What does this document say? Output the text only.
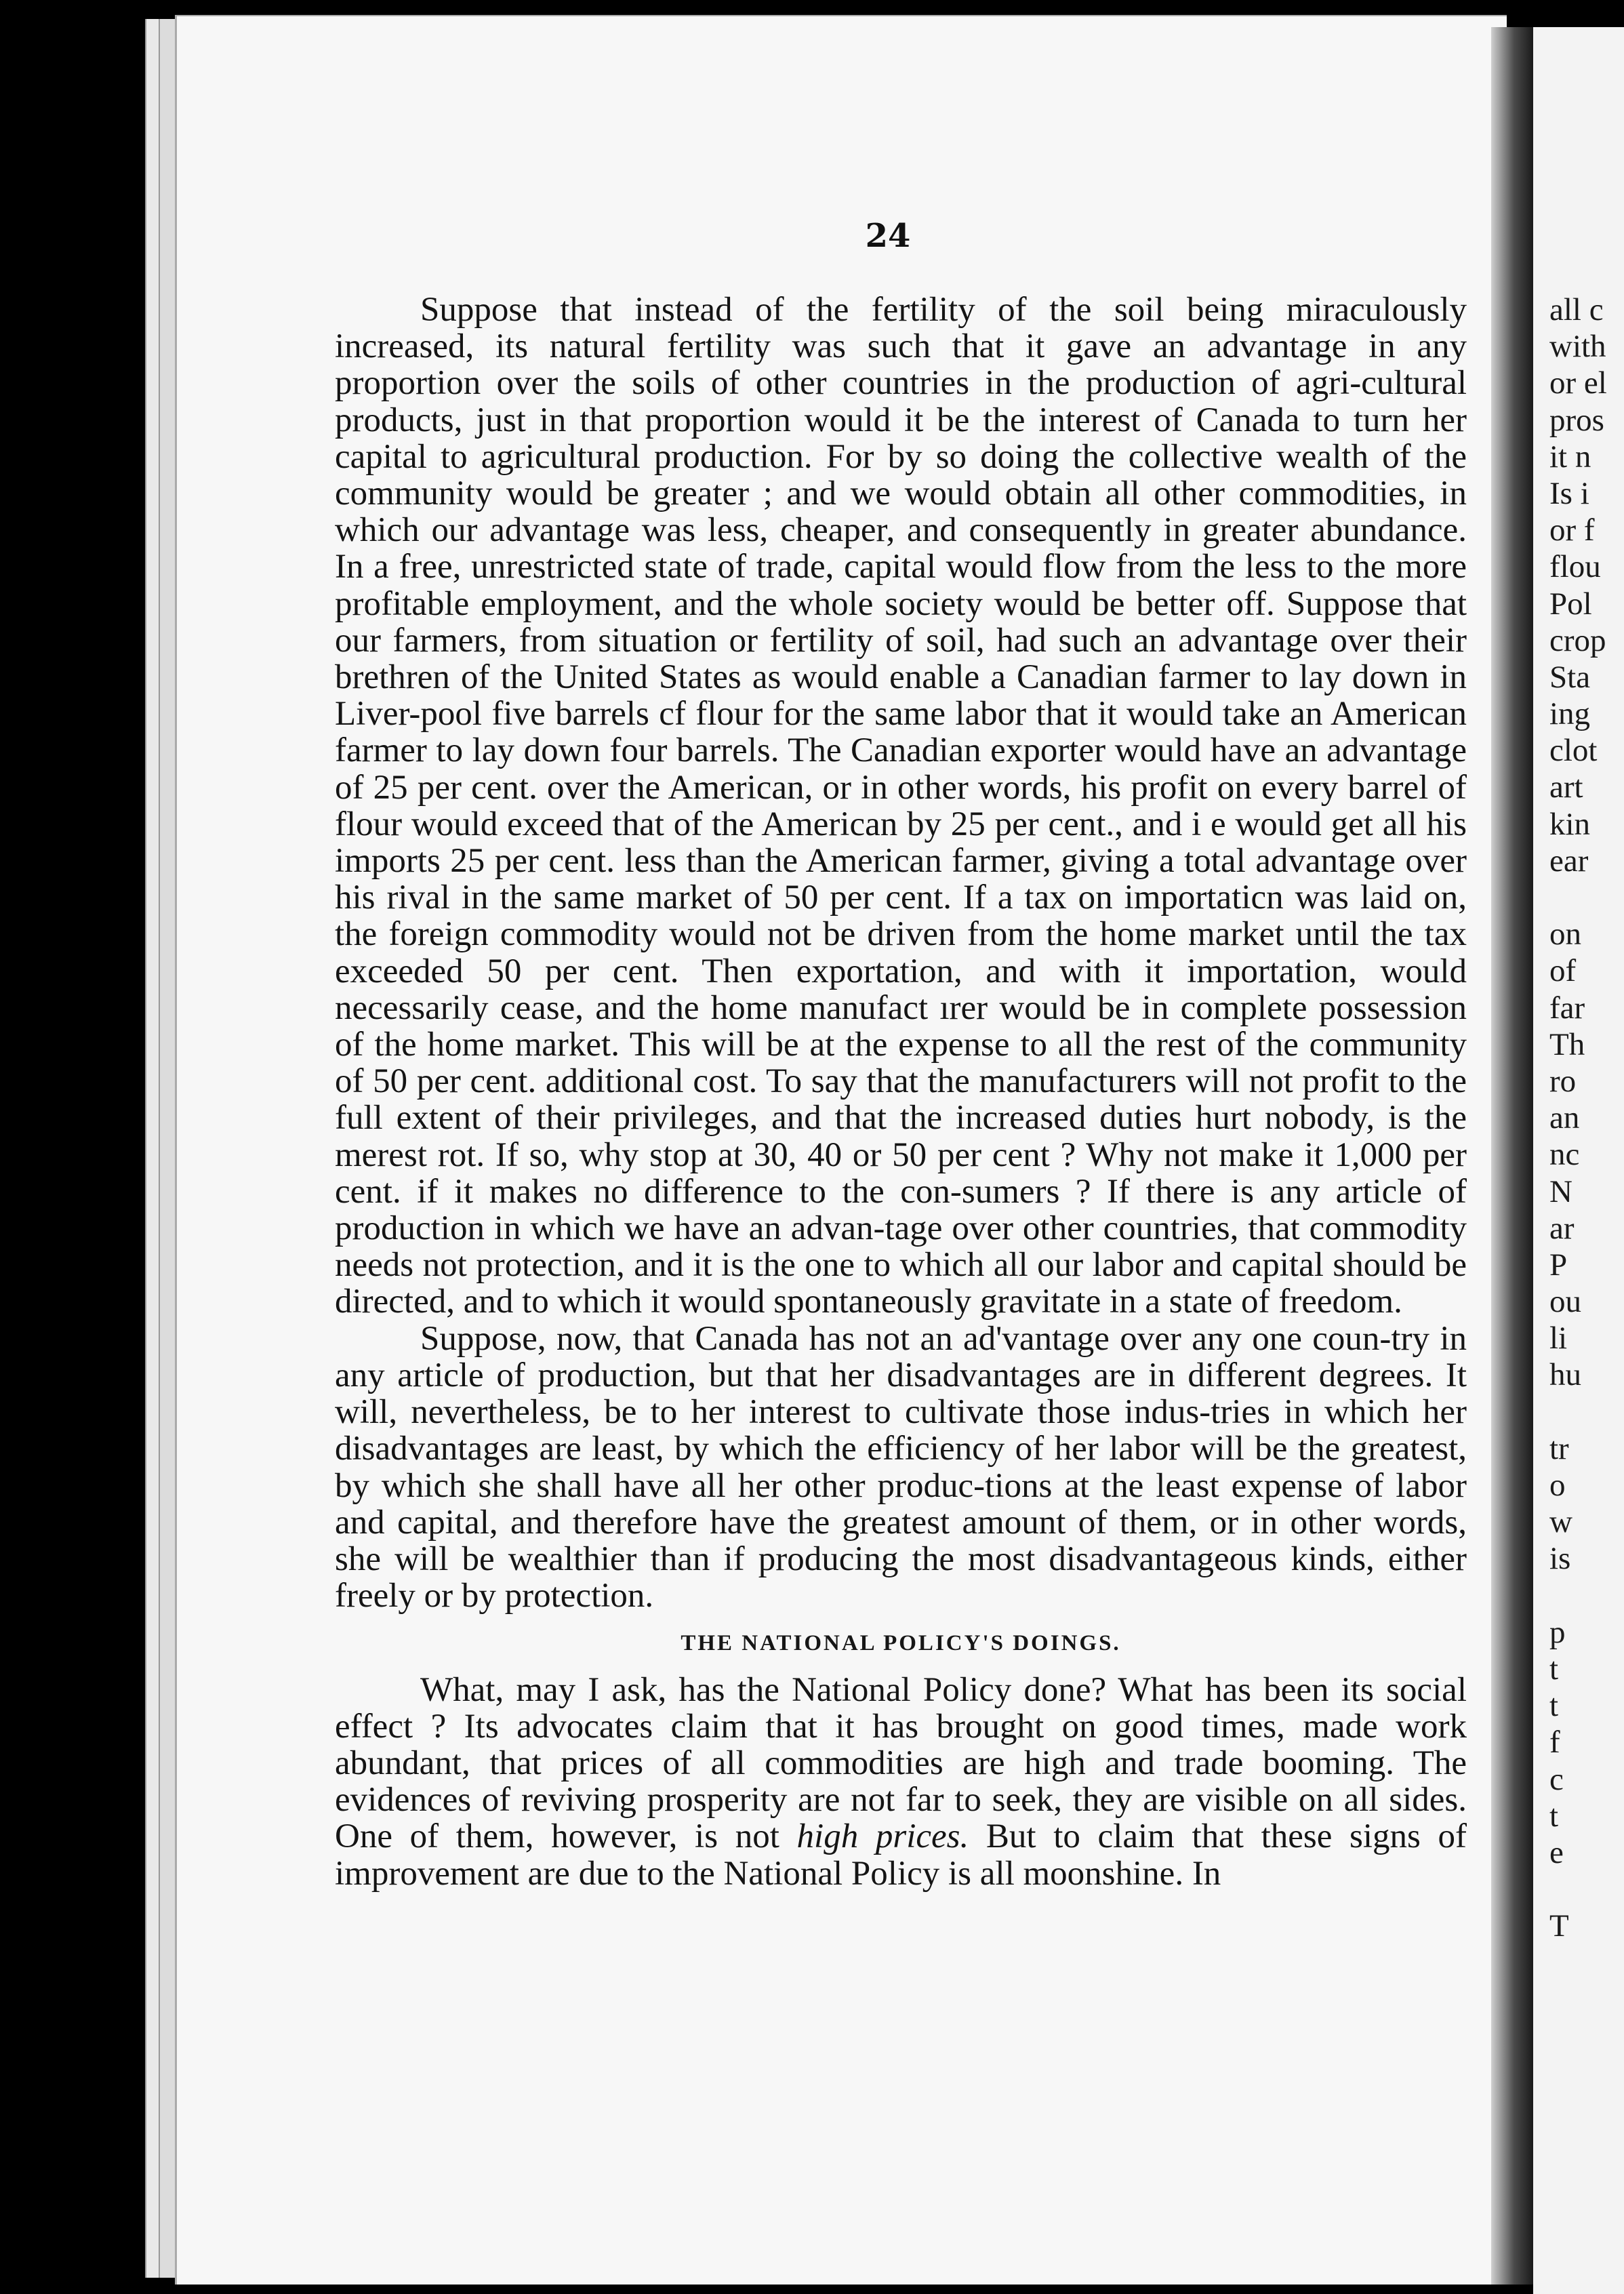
24

Suppose that instead of the fertility of the soil being miraculously increased, its natural fertility was such that it gave an advantage in any proportion over the soils of other countries in the production of agri-cultural products, just in that proportion would it be the interest of Canada to turn her capital to agricultural production. For by so doing the collective wealth of the community would be greater ; and we would obtain all other commodities, in which our advantage was less, cheaper, and consequently in greater abundance. In a free, unrestricted state of trade, capital would flow from the less to the more profitable employment, and the whole society would be better off. Suppose that our farmers, from situation or fertility of soil, had such an advantage over their brethren of the United States as would enable a Canadian farmer to lay down in Liver-pool five barrels cf flour for the same labor that it would take an American farmer to lay down four barrels. The Canadian exporter would have an advantage of 25 per cent. over the American, or in other words, his profit on every barrel of flour would exceed that of the American by 25 per cent., and i e would get all his imports 25 per cent. less than the American farmer, giving a total advantage over his rival in the same market of 50 per cent. If a tax on importaticn was laid on, the foreign commodity would not be driven from the home market until the tax exceeded 50 per cent. Then exportation, and with it importation, would necessarily cease, and the home manufact ırer would be in complete possession of the home market. This will be at the expense to all the rest of the community of 50 per cent. additional cost. To say that the manufacturers will not profit to the full extent of their privileges, and that the increased duties hurt nobody, is the merest rot. If so, why stop at 30, 40 or 50 per cent ? Why not make it 1,000 per cent. if it makes no difference to the con-sumers ? If there is any article of production in which we have an advan-tage over other countries, that commodity needs not protection, and it is the one to which all our labor and capital should be directed, and to which it would spontaneously gravitate in a state of freedom.

Suppose, now, that Canada has not an ad'vantage over any one coun-try in any article of production, but that her disadvantages are in different degrees. It will, nevertheless, be to her interest to cultivate those indus-tries in which her disadvantages are least, by which the efficiency of her labor will be the greatest, by which she shall have all her other produc-tions at the least expense of labor and capital, and therefore have the greatest amount of them, or in other words, she will be wealthier than if producing the most disadvantageous kinds, either freely or by protection.

THE NATIONAL POLICY'S DOINGS.

What, may I ask, has the National Policy done? What has been its social effect ? Its advocates claim that it has brought on good times, made work abundant, that prices of all commodities are high and trade booming. The evidences of reviving prosperity are not far to seek, they are visible on all sides. One of them, however, is not high prices. But to claim that these signs of improvement are due to the National Policy is all moonshine. In

all c
with
or el
pros
it n
Is i
or f
flou
Pol
crop
Sta
ing
clot
art
kin
ear
on
of
far
Th
ro
an
nc
N
ar
P
ou
li
hu
tr
o
w
is
p
t
t
f
c
t
e
T
